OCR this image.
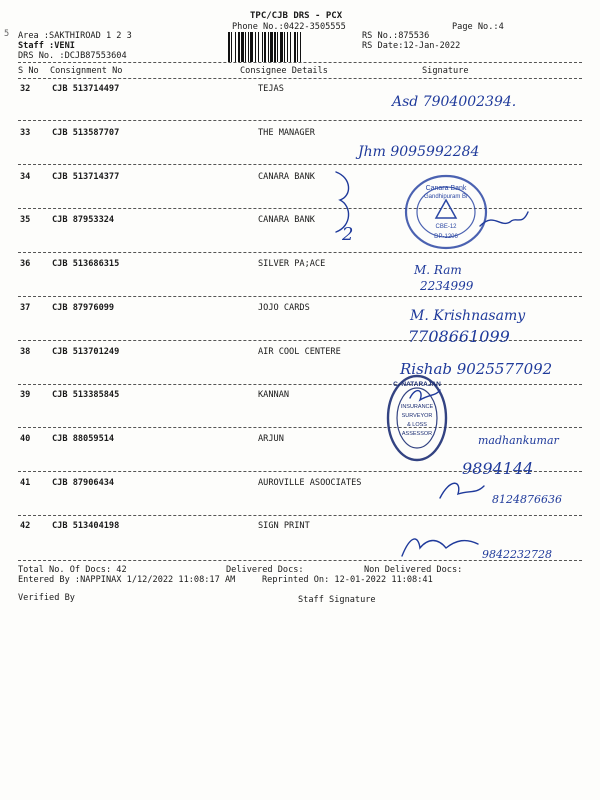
TPC/CJB DRS - PCX
Phone No.:0422-3505555	Page No.:4
5 Area :SAKTHIROAD 1 2 3
Staff :VENI
DRS No. :DCJB87553604
RS No.:875536
RS Date:12-Jan-2022
S No Consignment No	Consignee Details	Signature
32	CJB 513714497	TEJAS
33	CJB 513587707	THE MANAGER
34	CJB 513714377	CANARA BANK
35	CJB 87953324	CANARA BANK
36	CJB 513686315	SILVER PA;ACE
37	CJB 87976099	JOJO CARDS
38	CJB 513701249	AIR COOL CENTERE
39	CJB 513385845	KANNAN
40	CJB 88059514	ARJUN
41	CJB 87906434	AUROVILLE ASOOCIATES
42	CJB 513404198	SIGN PRINT
Total No. Of Docs: 42	Delivered Docs:	Non Delivered Docs:
Entered By :NAPPINAX 1/12/2022 11:08:17 AM	Reprinted On: 12-01-2022 11:08:41
Verified By	Staff Signature
Canara Bank
Gandhipuram Br
CBE-12
DP-1206
C. NATARAJAN
INSURANCE
SURVEYOR
& LOSS
ASSESSOR
Asd 7904002394.
Jhm 9095992284
2
M. Ram
2234999
M. Krishnasamy
7708661099
Rishab 9025577092
madhankumar
9894144
8124876636
9842232728
